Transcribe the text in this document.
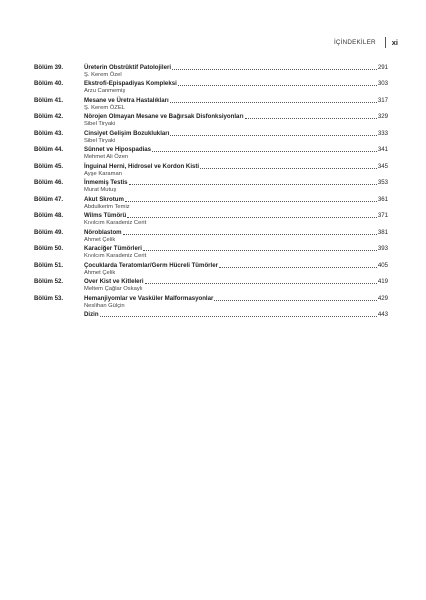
İÇİNDEKİLER xi
Bölüm 39.	Üreterin Obstrüktif Patolojileri	291
Ş. Kerem Özel
Bölüm 40.	Ekstrofi-Epispadiyas Kompleksi	303
Arzu Canmemiş
Bölüm 41.	Mesane ve Üretra Hastalıkları	317
Ş. Kerem ÖZEL
Bölüm 42.	Nörojen Olmayan Mesane ve Bağırsak Disfonksiyonları	329
Sibel Tiryaki
Bölüm 43.	Cinsiyet Gelişim Bozuklukları	333
Sibel Tiryaki
Bölüm 44.	Sünnet ve Hipospadias	341
Mehmet Ali Özen
Bölüm 45.	İnguinal Herni, Hidrosel ve Kordon Kisti	345
Ayşe Karaman
Bölüm 46.	İnmemiş Testis	353
Murat Mutuş
Bölüm 47.	Akut Skrotum	361
Abdulkerim Temiz
Bölüm 48.	Wilms Tümörü	371
Kıvılcım Karadeniz Cerit
Bölüm 49.	Nöroblastom	381
Ahmet Çelik
Bölüm 50.	Karaciğer Tümörleri	393
Kıvılcım Karadeniz Cerit
Bölüm 51.	Çocuklarda Teratomlar/Germ Hücreli Tümörler	405
Ahmet Çelik
Bölüm 52.	Over Kist ve Kitleleri	419
Meltem Çağlar Oskaylı
Bölüm 53.	Hemanjiyomlar ve Vasküler Malformasyonlar	429
Neslihan Gülçin
Dizin	443
